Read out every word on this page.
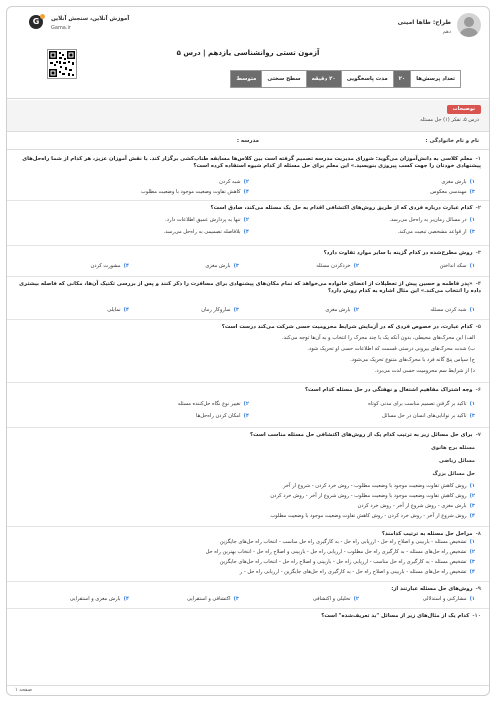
طراح: طاها امینی
دهم
G	آموزش آنلاین، سنجش آنلاین
Gama.ir
آزمون تستی روانشناسی یازدهم | درس ۵
تعداد پرسش‌ها
۲۰
مدت پاسخگویی
۲۰ دقیقه
سطح سختی
متوسط
توضیحات
درس ۵، تفکر (۱) حل مسئله
نام و نام خانوادگی :
مدرسه :
۱-معلم کلاسی به دانش‌آموزان می‌گوید: شورای مدیریت مدرسه تصمیم گرفته است بین کلاس‌ها مسابقه طناب‌کشی برگزار کند. با نقش آموزان عزیز، هر کدام از شما راه‌حل‌های پیشنهادی خودتان را جهت کسب پیروزی بنویسید.» این معلم برای حل مسئله از کدام شیوه استفاده کرده است؟
۱)بارش مغزی
۲)شبه کردن
۳)مهندسی معکوس
۴)کاهش تفاوت وضعیت موجود با وضعیت مطلوب
۲-کدام عبارت درباره فردی که از طریق روش‌های اکتشافی اقدام به حل یک مسئله می‌کند، صادق است؟
۱)در مسائل زمان‌بر به راه‌حل می‌رسد.
۲)تنها به پردازش عمیق اطلاعات دارد.
۳)از قواعد مشخصی تبعیت می‌کند.
۴)بلافاصله تصمیمی به راه‌حل می‌رسد.
۳-روش مطرح‌شده در کدام گزینه با سایر موارد تفاوت دارد؟
۱)سکه انداختن
۲)خردکردن مسئله
۳)بارش مغزی
۴)مشورت کردن
۴-«پدر فاطمه و حسین پیش از تعطیلات از اعضای خانواده می‌خواهد که تمام مکان‌های پیشنهادی برای مسافرت را ذکر کنند و پس از بررسی تکنیک آن‌ها، مکانی که فاصله بیشتری داده را انتخاب می‌کند.» این مثال اشاره به کدام روش دارد؟
۱)شبه کردن مسئله
۲)بارش مغزی
۳)سازوکار زمان
۴)تمایلی
۵-کدام عبارت، در خصوص فردی که در آزمایش شرایط محرومیت حسی شرکت می‌کند درست است؟
الف) این محرک‌های محیطی، بدون آنکه یک با چند محرک را انتخاب و به آن‌ها توجه می‌کند.
ب) شدت محرک‌های بیرونی درستی قسمت که اطلاعات حسی او تحریک شود.
ج) سپاس پنج گانه فرد با محرک‌های متنوع تحریک می‌شود.
د) از شرایط سم محرومیت حسی لذت می‌برد.
۶-وجه اشتراک مفاهیم اشتغال و نهفتگی در حل مسئله کدام است؟
۱)تاکید بر گرفتن تصمیم مناسب برای مدتی کوتاه
۲)تغییر نوع نگاه حل‌کننده مسئله
۳)تاکید بر توانایی‌های انسان در حل مسائل
۴)امکان کردن راه‌حل‌ها
۷-برای حل مسائل زیر به ترتیب کدام یک از روش‌های اکتشافی حل مسئله مناسب است؟
مسئله برج هانوی
مسائل ریاضی
حل مسائل بزرگ
۱)روش کاهش تفاوت وضعیت موجود با وضعیت مطلوب - روش خرد کردن - شروع از آخر
۲)روش کاهش تفاوت وضعیت موجود با وضعیت مطلوب - روش شروع از آخر - روش خرد کردن
۳)بارش مغزی - روش شروع از آخر - روش خرد کردن
۴)روش شروع از آخر - روش خرد کردن - روش کاهش تفاوت وضعیت موجود با وضعیت مطلوب
۸-مراحل حل مسئله به ترتیب کدامند؟
۱)تشخیص مسئله - بازبینی و اصلاح راه حل - ارزیابی راه حل - به کارگیری راه حل مناسب - انتخاب راه حل‌های جایگزین
۲)تشخیص راه حل‌های مسئله - به کارگیری راه حل مطلوب - ارزیابی راه حل - بازبینی و اصلاح راه حل - انتخاب بهترین راه حل
۳)تشخیص مسئله - به کارگیری راه حل مناسب - ارزیابی راه حل - بازبینی و اصلاح راه حل - انتخاب راه حل‌های جایگزین
۴)تشخیص راه حل‌های مسئله - بازبینی و اصلاح راه حل - به کارگیری راه حل‌های جایگزین - ارزیابی راه حل - ر
۹-روش‌های حل مسئله عبارتند از:
۱)مشارکتی و استدلالی
۲)تحلیلی و اکتشافی
۳)اکتشافی و استقرایی
۴)بارش مغزی و استقرایی
۱۰-کدام یک از مثال‌های زیر از مسائل "بد تعریف‌شده" است؟
صفحه ۱
